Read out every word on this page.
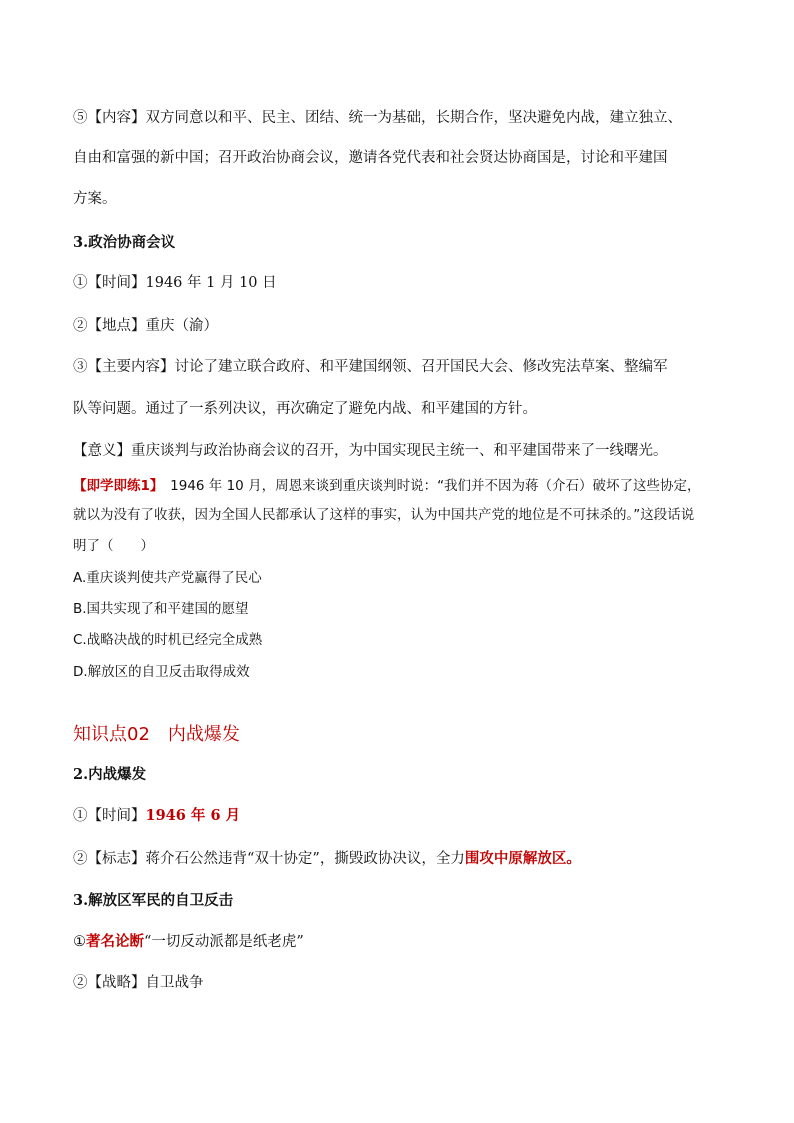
⑤【内容】双方同意以和平、民主、团结、统一为基础，长期合作，坚决避免内战，建立独立、
自由和富强的新中国；召开政治协商会议，邀请各党代表和社会贤达协商国是，讨论和平建国
方案。
3.政治协商会议
①【时间】1946 年 1 月 10 日
②【地点】重庆（渝）
③【主要内容】讨论了建立联合政府、和平建国纲领、召开国民大会、修改宪法草案、整编军
队等问题。通过了一系列决议，再次确定了避免内战、和平建国的方针。
【意义】重庆谈判与政治协商会议的召开，为中国实现民主统一、和平建国带来了一线曙光。
【即学即练1】　1946 年 10 月，周恩来谈到重庆谈判时说：“我们并不因为蒋（介石）破坏了这些协定，
就以为没有了收获，因为全国人民都承认了这样的事实，认为中国共产党的地位是不可抹杀的。”这段话说
明了（　　）
A.重庆谈判使共产党赢得了民心
B.国共实现了和平建国的愿望
C.战略决战的时机已经完全成熟
D.解放区的自卫反击取得成效
知识点02　内战爆发
2.内战爆发
①【时间】1946 年 6 月
②【标志】蒋介石公然违背“双十协定”，撕毁政协决议，全力围攻中原解放区。
3.解放区军民的自卫反击
①著名论断“一切反动派都是纸老虎”
②【战略】自卫战争
